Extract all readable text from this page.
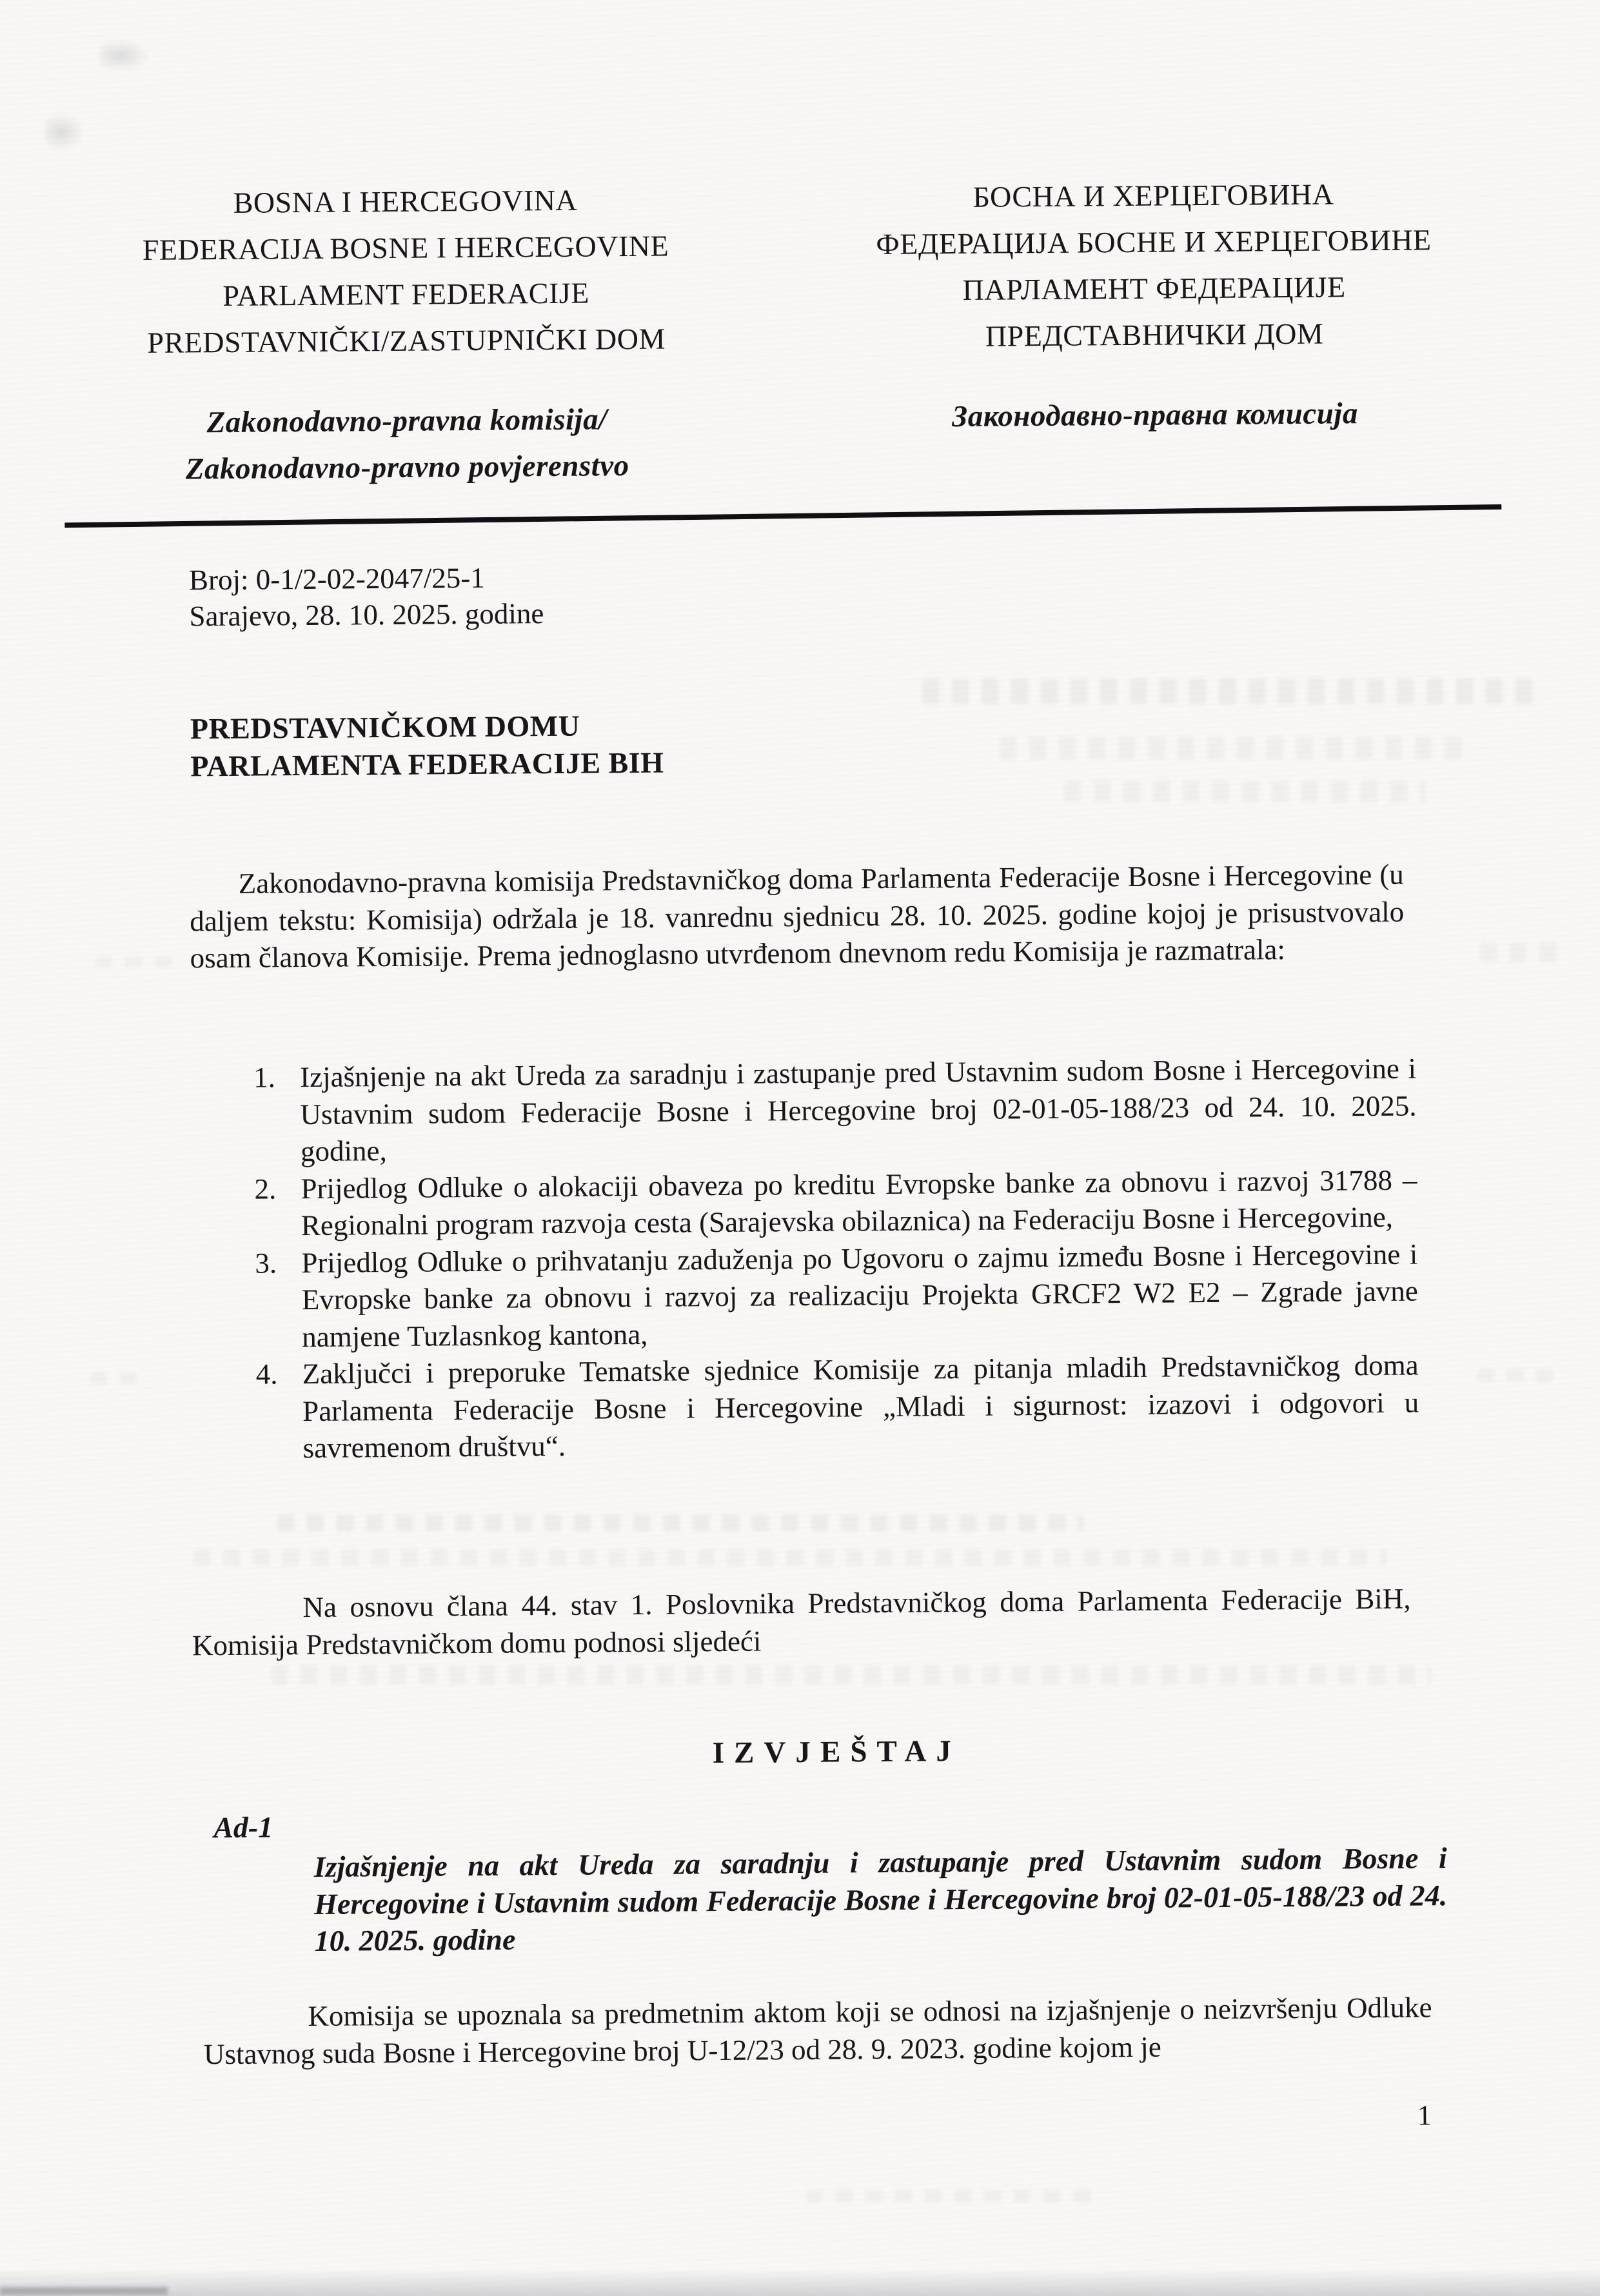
BOSNA I HERCEGOVINA
FEDERACIJA BOSNE I HERCEGOVINE
PARLAMENT FEDERACIJE
PREDSTAVNIČKI/ZASTUPNIČKI DOM
Zakonodavno-pravna komisija/
Zakonodavno-pravno povjerenstvo
БОСНА И ХЕРЦЕГОВИНА
ФЕДЕРАЦИЈА БОСНЕ И ХЕРЦЕГОВИНЕ
ПАРЛАМЕНТ ФЕДЕРАЦИЈЕ
ПРЕДСТАВНИЧКИ ДОМ
Законодавно-правна комисија
Broj: 0-1/2-02-2047/25-1
Sarajevo, 28. 10. 2025. godine
PREDSTAVNIČKOM DOMU
PARLAMENTA FEDERACIJE BIH
Zakonodavno-pravna komisija Predstavničkog doma Parlamenta Federacije Bosne i Hercegovine (u daljem tekstu: Komisija) održala je 18. vanrednu sjednicu 28. 10. 2025. godine kojoj je prisustvovalo osam članova Komisije. Prema jednoglasno utvrđenom dnevnom redu Komisija je razmatrala:
1. Izjašnjenje na akt Ureda za saradnju i zastupanje pred Ustavnim sudom Bosne i Hercegovine i Ustavnim sudom Federacije Bosne i Hercegovine broj 02-01-05-188/23 od 24. 10. 2025. godine,
2. Prijedlog Odluke o alokaciji obaveza po kreditu Evropske banke za obnovu i razvoj 31788 – Regionalni program razvoja cesta (Sarajevska obilaznica) na Federaciju Bosne i Hercegovine,
3. Prijedlog Odluke o prihvatanju zaduženja po Ugovoru o zajmu između Bosne i Hercegovine i Evropske banke za obnovu i razvoj za realizaciju Projekta GRCF2 W2 E2 – Zgrade javne namjene Tuzlasnkog kantona,
4. Zaključci i preporuke Tematske sjednice Komisije za pitanja mladih Predstavničkog doma Parlamenta Federacije Bosne i Hercegovine „Mladi i sigurnost: izazovi i odgovori u savremenom društvu“.
Na osnovu člana 44. stav 1. Poslovnika Predstavničkog doma Parlamenta Federacije BiH, Komisija Predstavničkom domu podnosi sljedeći
IZVJEŠTAJ
Ad-1
Izjašnjenje na akt Ureda za saradnju i zastupanje pred Ustavnim sudom Bosne i Hercegovine i Ustavnim sudom Federacije Bosne i Hercegovine broj 02-01-05-188/23 od 24. 10. 2025. godine
Komisija se upoznala sa predmetnim aktom koji se odnosi na izjašnjenje o neizvršenju Odluke Ustavnog suda Bosne i Hercegovine broj U-12/23 od 28. 9. 2023. godine kojom je
1
